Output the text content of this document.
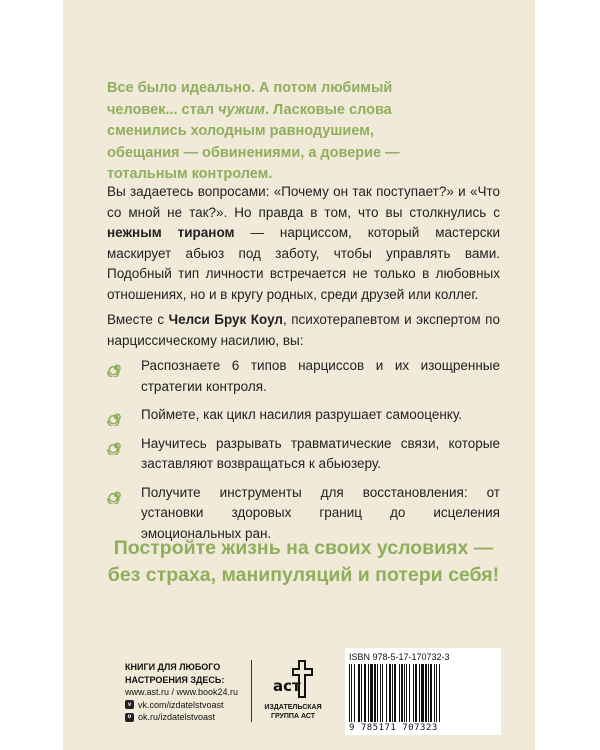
Все было идеально. А потом любимый человек... стал чужим. Ласковые слова сменились холодным равнодушием, обещания — обвинениями, а доверие — тотальным контролем.
Вы задаетесь вопросами: «Почему он так поступает?» и «Что со мной не так?». Но правда в том, что вы столкнулись с нежным тираном — нарциссом, который мастерски маскирует абьюз под заботу, чтобы управлять вами. Подобный тип личности встречается не только в любовных отношениях, но и в кругу родных, среди друзей или коллег.
Вместе с Челси Брук Коул, психотерапевтом и экспертом по нарциссическому насилию, вы:
Распознаете 6 типов нарциссов и их изощренные стратегии контроля.
Поймете, как цикл насилия разрушает самооценку.
Научитесь разрывать травматические связи, которые заставляют возвращаться к абьюзеру.
Получите инструменты для восстановления: от установки здоровых границ до исцеления эмоциональных ран.
Постройте жизнь на своих условиях — без страха, манипуляций и потери себя!
КНИГИ ДЛЯ ЛЮБОГО НАСТРОЕНИЯ ЗДЕСЬ:
www.ast.ru / www.book24.ru
v vk.com/izdatelstvoast
o ok.ru/izdatelstvoast
аст
ИЗДАТЕЛЬСКАЯ ГРУППА АСТ
ISBN 978-5-17-170732-3
9 785171 707323
